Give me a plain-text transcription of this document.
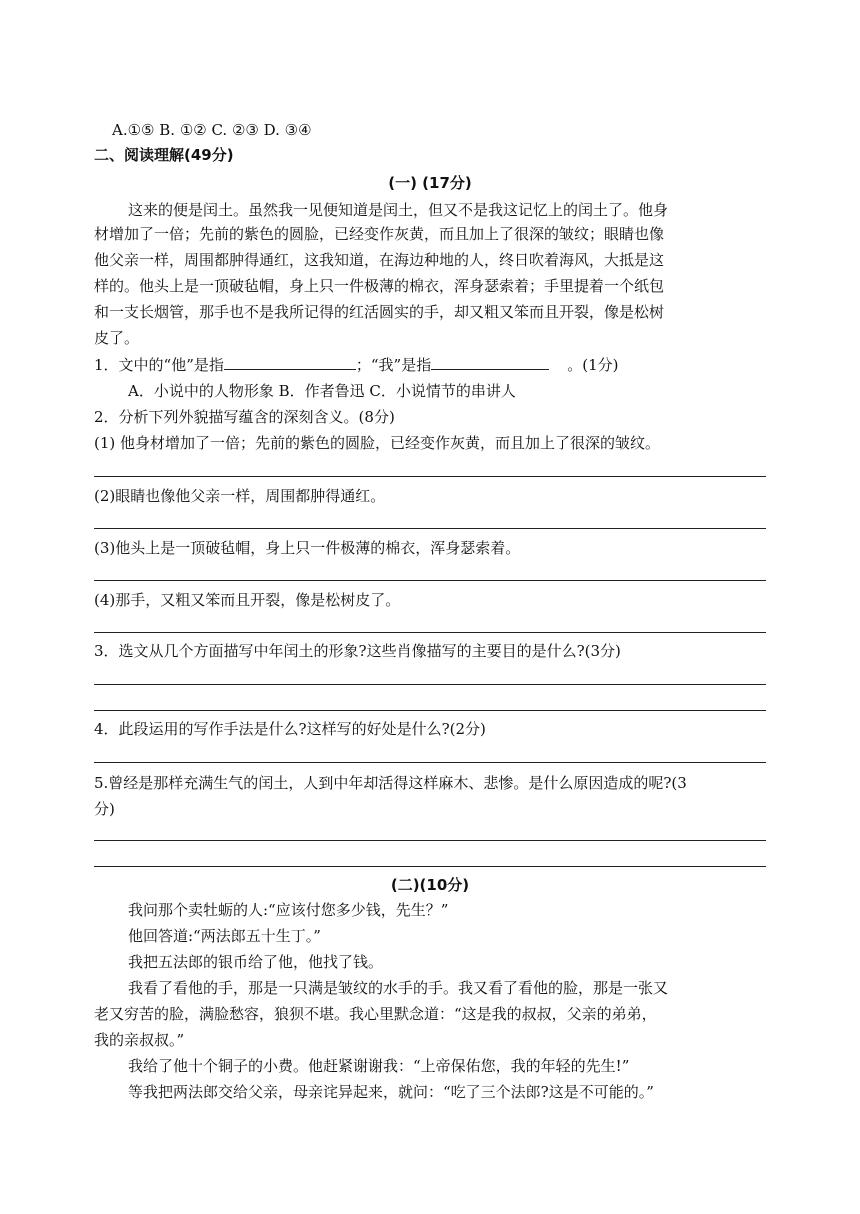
A.①⑤ B. ①② C. ②③ D. ③④
二、阅读理解(49分)
(一) (17分)
这来的便是闰土。虽然我一见便知道是闰土，但又不是我这记忆上的闰土了。他身
材增加了一倍；先前的紫色的圆脸，已经变作灰黄，而且加上了很深的皱纹；眼睛也像
他父亲一样，周围都肿得通红，这我知道，在海边种地的人，终日吹着海风，大抵是这
样的。他头上是一顶破毡帽，身上只一件极薄的棉衣，浑身瑟索着；手里提着一个纸包
和一支长烟管，那手也不是我所记得的红活圆实的手，却又粗又笨而且开裂，像是松树
皮了。
1．文中的“他”是指	；“我”是指	。(1分)
A．小说中的人物形象 B．作者鲁迅 C．小说情节的串讲人
2．分析下列外貌描写蕴含的深刻含义。(8分)
(1) 他身材增加了一倍；先前的紫色的圆脸，已经变作灰黄，而且加上了很深的皱纹。
(2)眼睛也像他父亲一样，周围都肿得通红。
(3)他头上是一顶破毡帽，身上只一件极薄的棉衣，浑身瑟索着。
(4)那手，又粗又笨而且开裂，像是松树皮了。
3．选文从几个方面描写中年闰土的形象?这些肖像描写的主要目的是什么?(3分)
4．此段运用的写作手法是什么?这样写的好处是什么?(2分)
5.曾经是那样充满生气的闰土，人到中年却活得这样麻木、悲惨。是什么原因造成的呢?(3
分)
(二)(10分)
我问那个卖牡蛎的人:“应该付您多少钱，先生？”
他回答道:“两法郎五十生丁。”
我把五法郎的银币给了他，他找了钱。
我看了看他的手，那是一只满是皱纹的水手的手。我又看了看他的脸，那是一张又
老又穷苦的脸，满脸愁容，狼狈不堪。我心里默念道：“这是我的叔叔，父亲的弟弟，
我的亲叔叔。”
我给了他十个铜子的小费。他赶紧谢谢我：“上帝保佑您，我的年轻的先生!”
等我把两法郎交给父亲，母亲诧异起来，就问：“吃了三个法郎?这是不可能的。”
